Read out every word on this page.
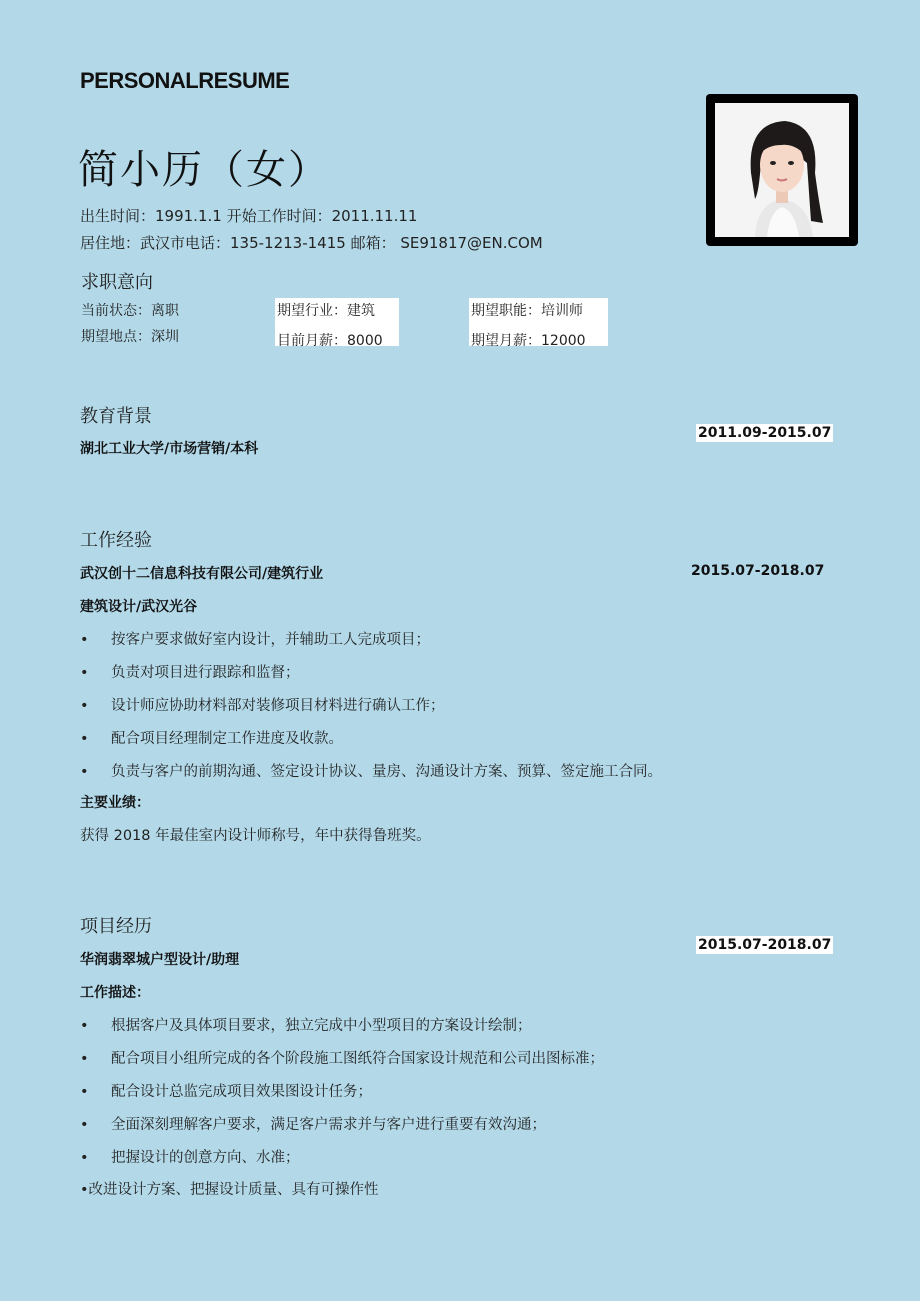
PERSONALRESUME
简小历（女）
出生时间：1991.1.1 开始工作时间：2011.11.11
居住地：武汉市电话：135-1213-1415 邮箱： SE91817@EN.COM
求职意向
当前状态：离职
期望地点：深圳
期望行业：建筑
目前月薪：8000
期望职能：培训师
期望月薪：12000
教育背景
湖北工业大学/市场营销/本科
2011.09-2015.07
工作经验
武汉创十二信息科技有限公司/建筑行业	2015.07-2018.07
建筑设计/武汉光谷
• 按客户要求做好室内设计，并辅助工人完成项目；
• 负责对项目进行跟踪和监督；
• 设计师应协助材料部对装修项目材料进行确认工作；
• 配合项目经理制定工作进度及收款。
• 负责与客户的前期沟通、签定设计协议、量房、沟通设计方案、预算、签定施工合同。
主要业绩：
获得 2018 年最佳室内设计师称号，年中获得鲁班奖。
项目经历
华润翡翠城户型设计/助理
2015.07-2018.07
工作描述：
• 根据客户及具体项目要求，独立完成中小型项目的方案设计绘制；
• 配合项目小组所完成的各个阶段施工图纸符合国家设计规范和公司出图标准；
• 配合设计总监完成项目效果图设计任务；
• 全面深刻理解客户要求，满足客户需求并与客户进行重要有效沟通；
• 把握设计的创意方向、水准；
•改进设计方案、把握设计质量、具有可操作性
